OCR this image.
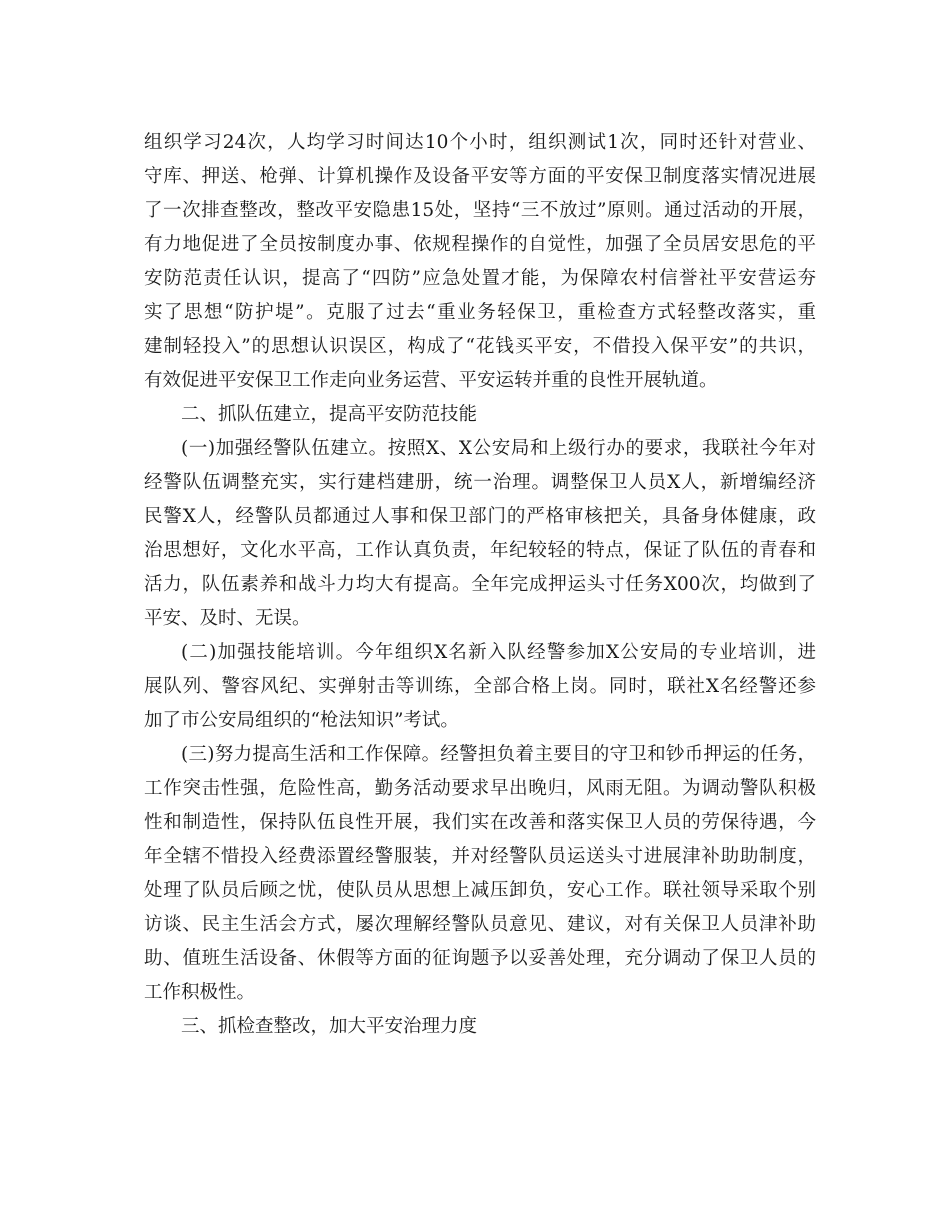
组织学习24次，人均学习时间达10个小时，组织测试1次，同时还针对营业、
守库、押送、枪弹、计算机操作及设备平安等方面的平安保卫制度落实情况进展
了一次排查整改，整改平安隐患15处，坚持“三不放过”原则。通过活动的开展，
有力地促进了全员按制度办事、依规程操作的自觉性，加强了全员居安思危的平
安防范责任认识，提高了“四防”应急处置才能，为保障农村信誉社平安营运夯
实了思想“防护堤”。克服了过去“重业务轻保卫，重检查方式轻整改落实，重
建制轻投入”的思想认识误区，构成了“花钱买平安，不借投入保平安”的共识，
有效促进平安保卫工作走向业务运营、平安运转并重的良性开展轨道。
二、抓队伍建立，提高平安防范技能
(一)加强经警队伍建立。按照X、X公安局和上级行办的要求，我联社今年对
经警队伍调整充实，实行建档建册，统一治理。调整保卫人员X人，新增编经济
民警X人，经警队员都通过人事和保卫部门的严格审核把关，具备身体健康，政
治思想好，文化水平高，工作认真负责，年纪较轻的特点，保证了队伍的青春和
活力，队伍素养和战斗力均大有提高。全年完成押运头寸任务X00次，均做到了
平安、及时、无误。
(二)加强技能培训。今年组织X名新入队经警参加X公安局的专业培训，进
展队列、警容风纪、实弹射击等训练，全部合格上岗。同时，联社X名经警还参
加了市公安局组织的“枪法知识”考试。
(三)努力提高生活和工作保障。经警担负着主要目的守卫和钞币押运的任务，
工作突击性强，危险性高，勤务活动要求早出晚归，风雨无阻。为调动警队积极
性和制造性，保持队伍良性开展，我们实在改善和落实保卫人员的劳保待遇，今
年全辖不惜投入经费添置经警服装，并对经警队员运送头寸进展津补助助制度，
处理了队员后顾之忧，使队员从思想上减压卸负，安心工作。联社领导采取个别
访谈、民主生活会方式，屡次理解经警队员意见、建议，对有关保卫人员津补助
助、值班生活设备、休假等方面的征询题予以妥善处理，充分调动了保卫人员的
工作积极性。
三、抓检查整改，加大平安治理力度
